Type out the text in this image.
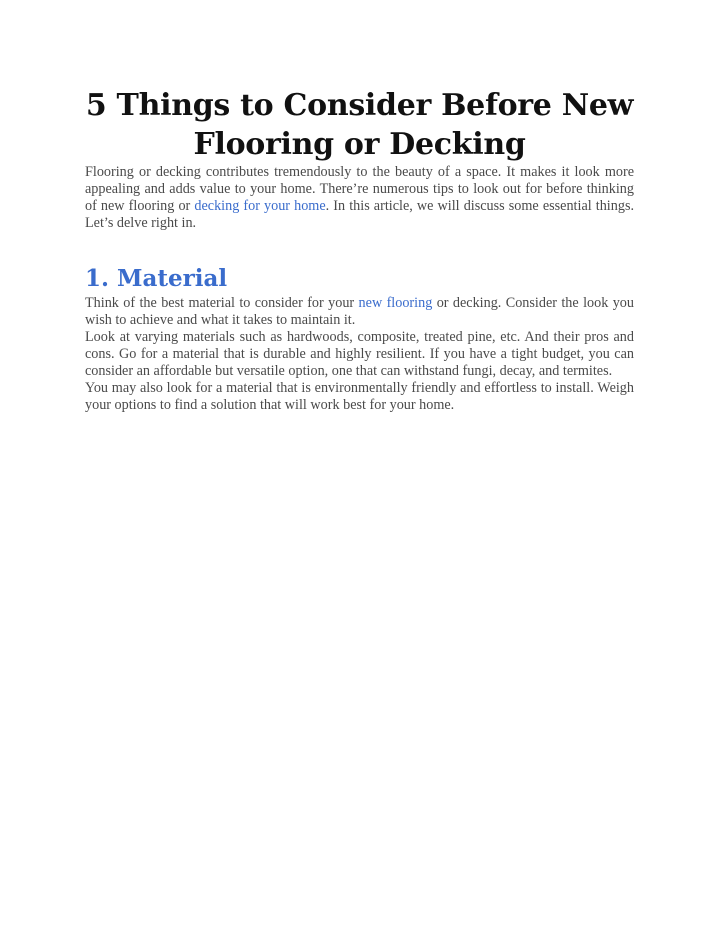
5 Things to Consider Before New Flooring or Decking

Flooring or decking contributes tremendously to the beauty of a space. It makes it look more appealing and adds value to your home. There’re numerous tips to look out for before thinking of new flooring or decking for your home. In this article, we will discuss some essential things. Let’s delve right in.

1. Material

Think of the best material to consider for your new flooring or decking. Consider the look you wish to achieve and what it takes to maintain it.

Look at varying materials such as hardwoods, composite, treated pine, etc. And their pros and cons. Go for a material that is durable and highly resilient. If you have a tight budget, you can consider an affordable but versatile option, one that can withstand fungi, decay, and termites.

You may also look for a material that is environmentally friendly and effortless to install. Weigh your options to find a solution that will work best for your home.
